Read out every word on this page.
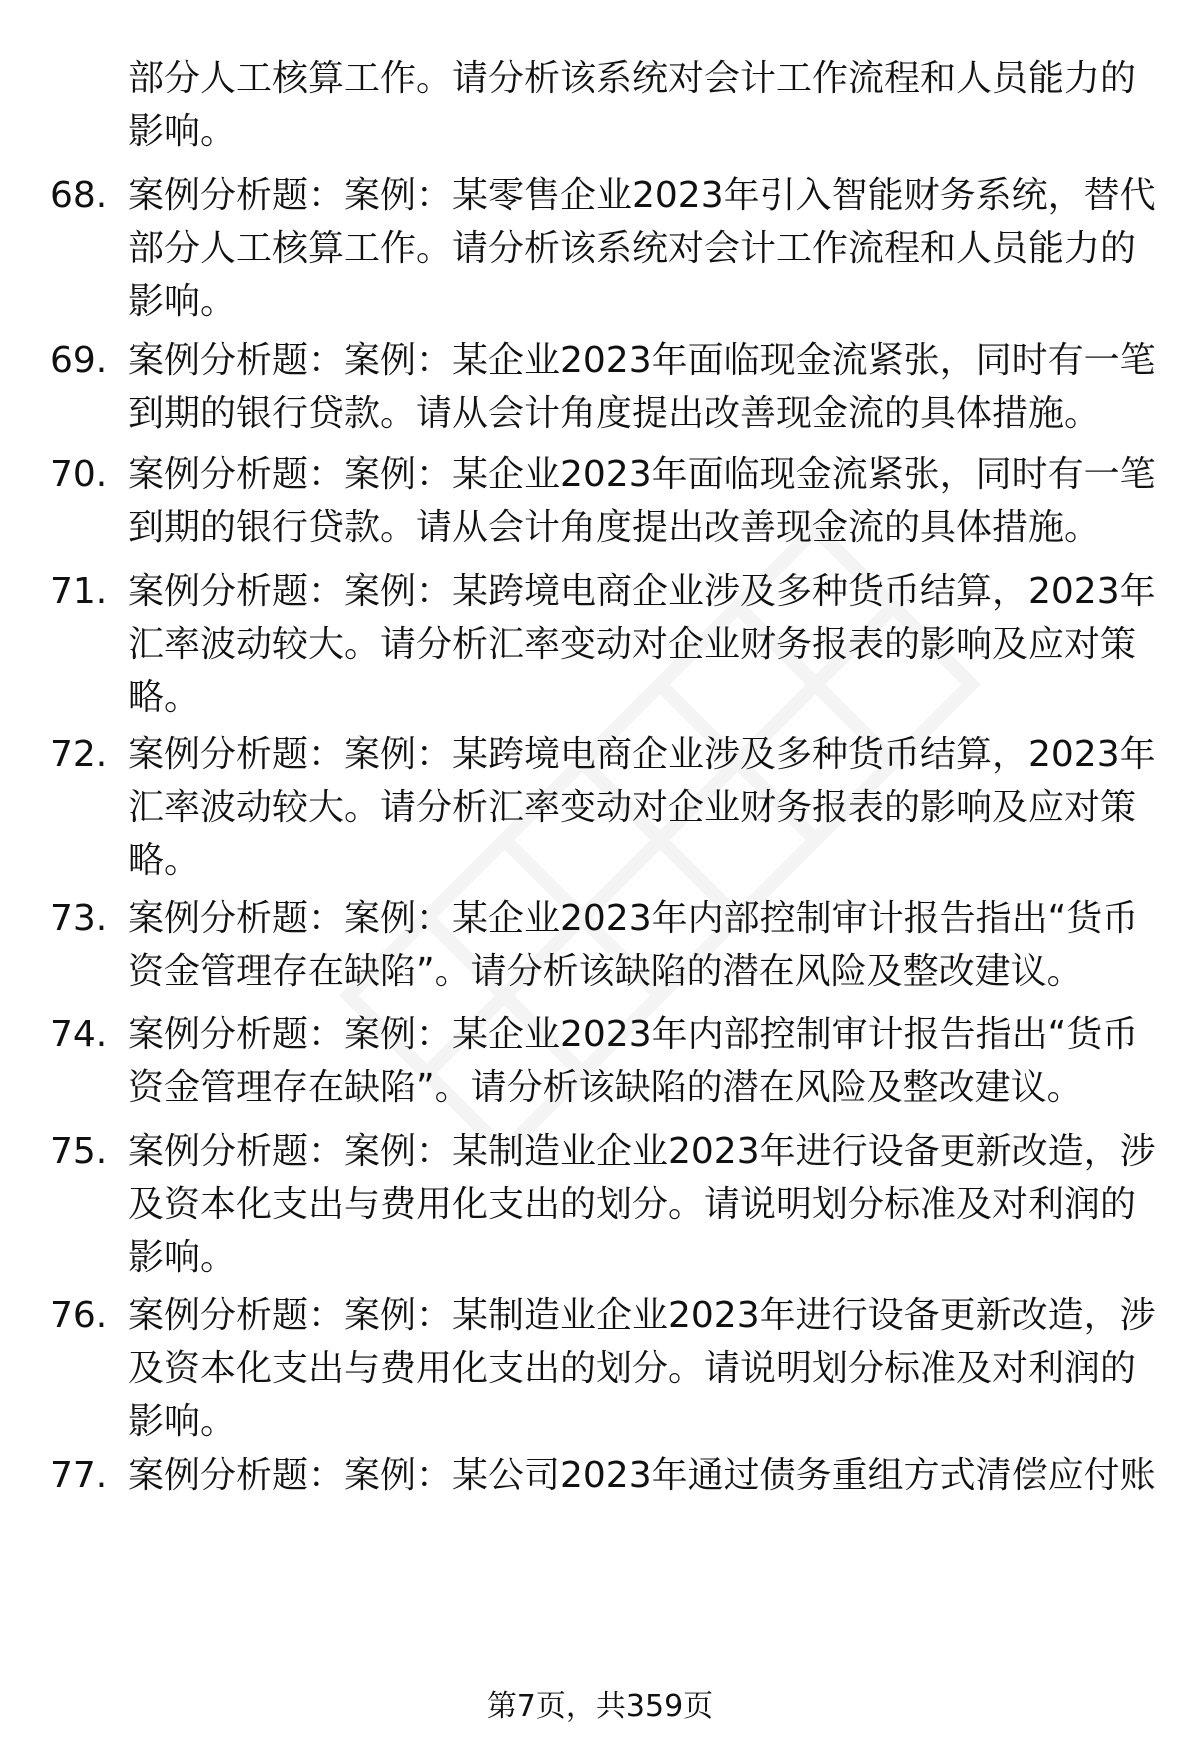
部分人工核算工作。请分析该系统对会计工作流程和人员能力的
影响。
68. 案例分析题：案例：某零售企业2023年引入智能财务系统，替代
部分人工核算工作。请分析该系统对会计工作流程和人员能力的
影响。
69. 案例分析题：案例：某企业2023年面临现金流紧张，同时有一笔
到期的银行贷款。请从会计角度提出改善现金流的具体措施。
70. 案例分析题：案例：某企业2023年面临现金流紧张，同时有一笔
到期的银行贷款。请从会计角度提出改善现金流的具体措施。
71. 案例分析题：案例：某跨境电商企业涉及多种货币结算，2023年
汇率波动较大。请分析汇率变动对企业财务报表的影响及应对策
略。
72. 案例分析题：案例：某跨境电商企业涉及多种货币结算，2023年
汇率波动较大。请分析汇率变动对企业财务报表的影响及应对策
略。
73. 案例分析题：案例：某企业2023年内部控制审计报告指出“货币
资金管理存在缺陷”。请分析该缺陷的潜在风险及整改建议。
74. 案例分析题：案例：某企业2023年内部控制审计报告指出“货币
资金管理存在缺陷”。请分析该缺陷的潜在风险及整改建议。
75. 案例分析题：案例：某制造业企业2023年进行设备更新改造，涉
及资本化支出与费用化支出的划分。请说明划分标准及对利润的
影响。
76. 案例分析题：案例：某制造业企业2023年进行设备更新改造，涉
及资本化支出与费用化支出的划分。请说明划分标准及对利润的
影响。
77. 案例分析题：案例：某公司2023年通过债务重组方式清偿应付账
第7页，共359页
